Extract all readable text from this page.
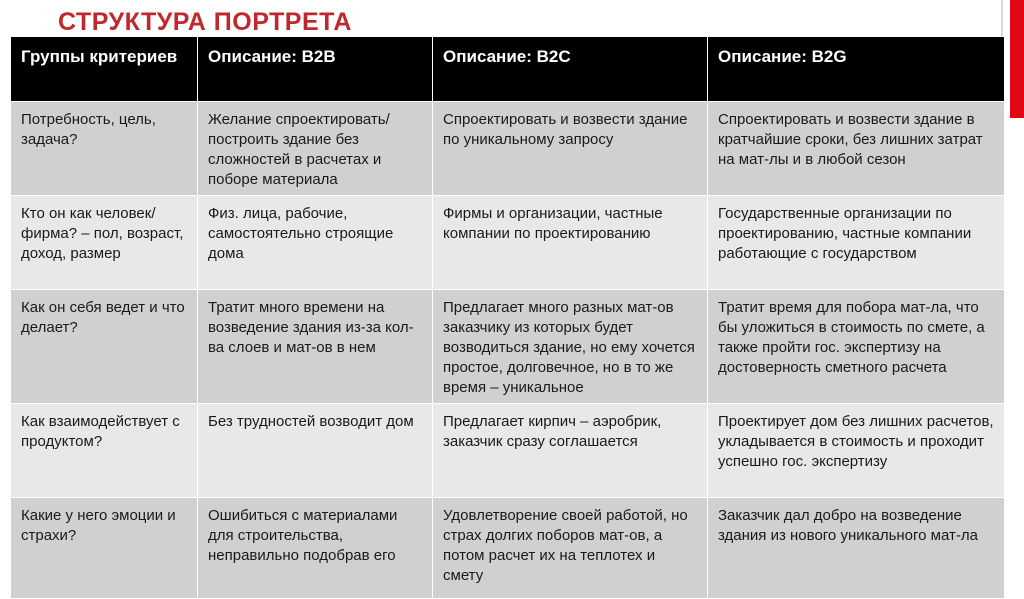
СТРУКТУРА ПОРТРЕТА
Группы критериев	Описание: B2B	Описание: B2C	Описание: B2G
Потребность, цель, задача?	Желание спроектировать/ построить здание без сложностей в расчетах и поборе материала	Спроектировать и возвести здание по уникальному запросу	Спроектировать и возвести здание в кратчайшие сроки, без лишних затрат на мат-лы и в любой сезон
Кто он как человек/фирма? – пол, возраст, доход, размер	Физ. лица, рабочие, самостоятельно строящие дома	Фирмы и организации, частные компании по проектированию	Государственные организации по проектированию, частные компании работающие с государством
Как он себя ведет и что делает?	Тратит много времени на возведение здания из-за кол-ва слоев и мат-ов в нем	Предлагает много разных мат-ов заказчику из которых будет возводиться здание, но ему хочется простое, долговечное, но в то же время – уникальное	Тратит время для побора мат-ла, что бы уложиться в стоимость по смете, а также пройти гос. экспертизу на достоверность сметного расчета
Как взаимодействует с продуктом?	Без трудностей возводит дом	Предлагает кирпич – аэробрик, заказчик сразу соглашается	Проектирует дом без лишних расчетов, укладывается в стоимость и проходит успешно гос. экспертизу
Какие у него эмоции и страхи?	Ошибиться с материалами для строительства, неправильно подобрав его	Удовлетворение своей работой, но страх долгих поборов мат-ов, а потом расчет их на теплотех и смету	Заказчик дал добро на возведение здания из нового уникального мат-ла
